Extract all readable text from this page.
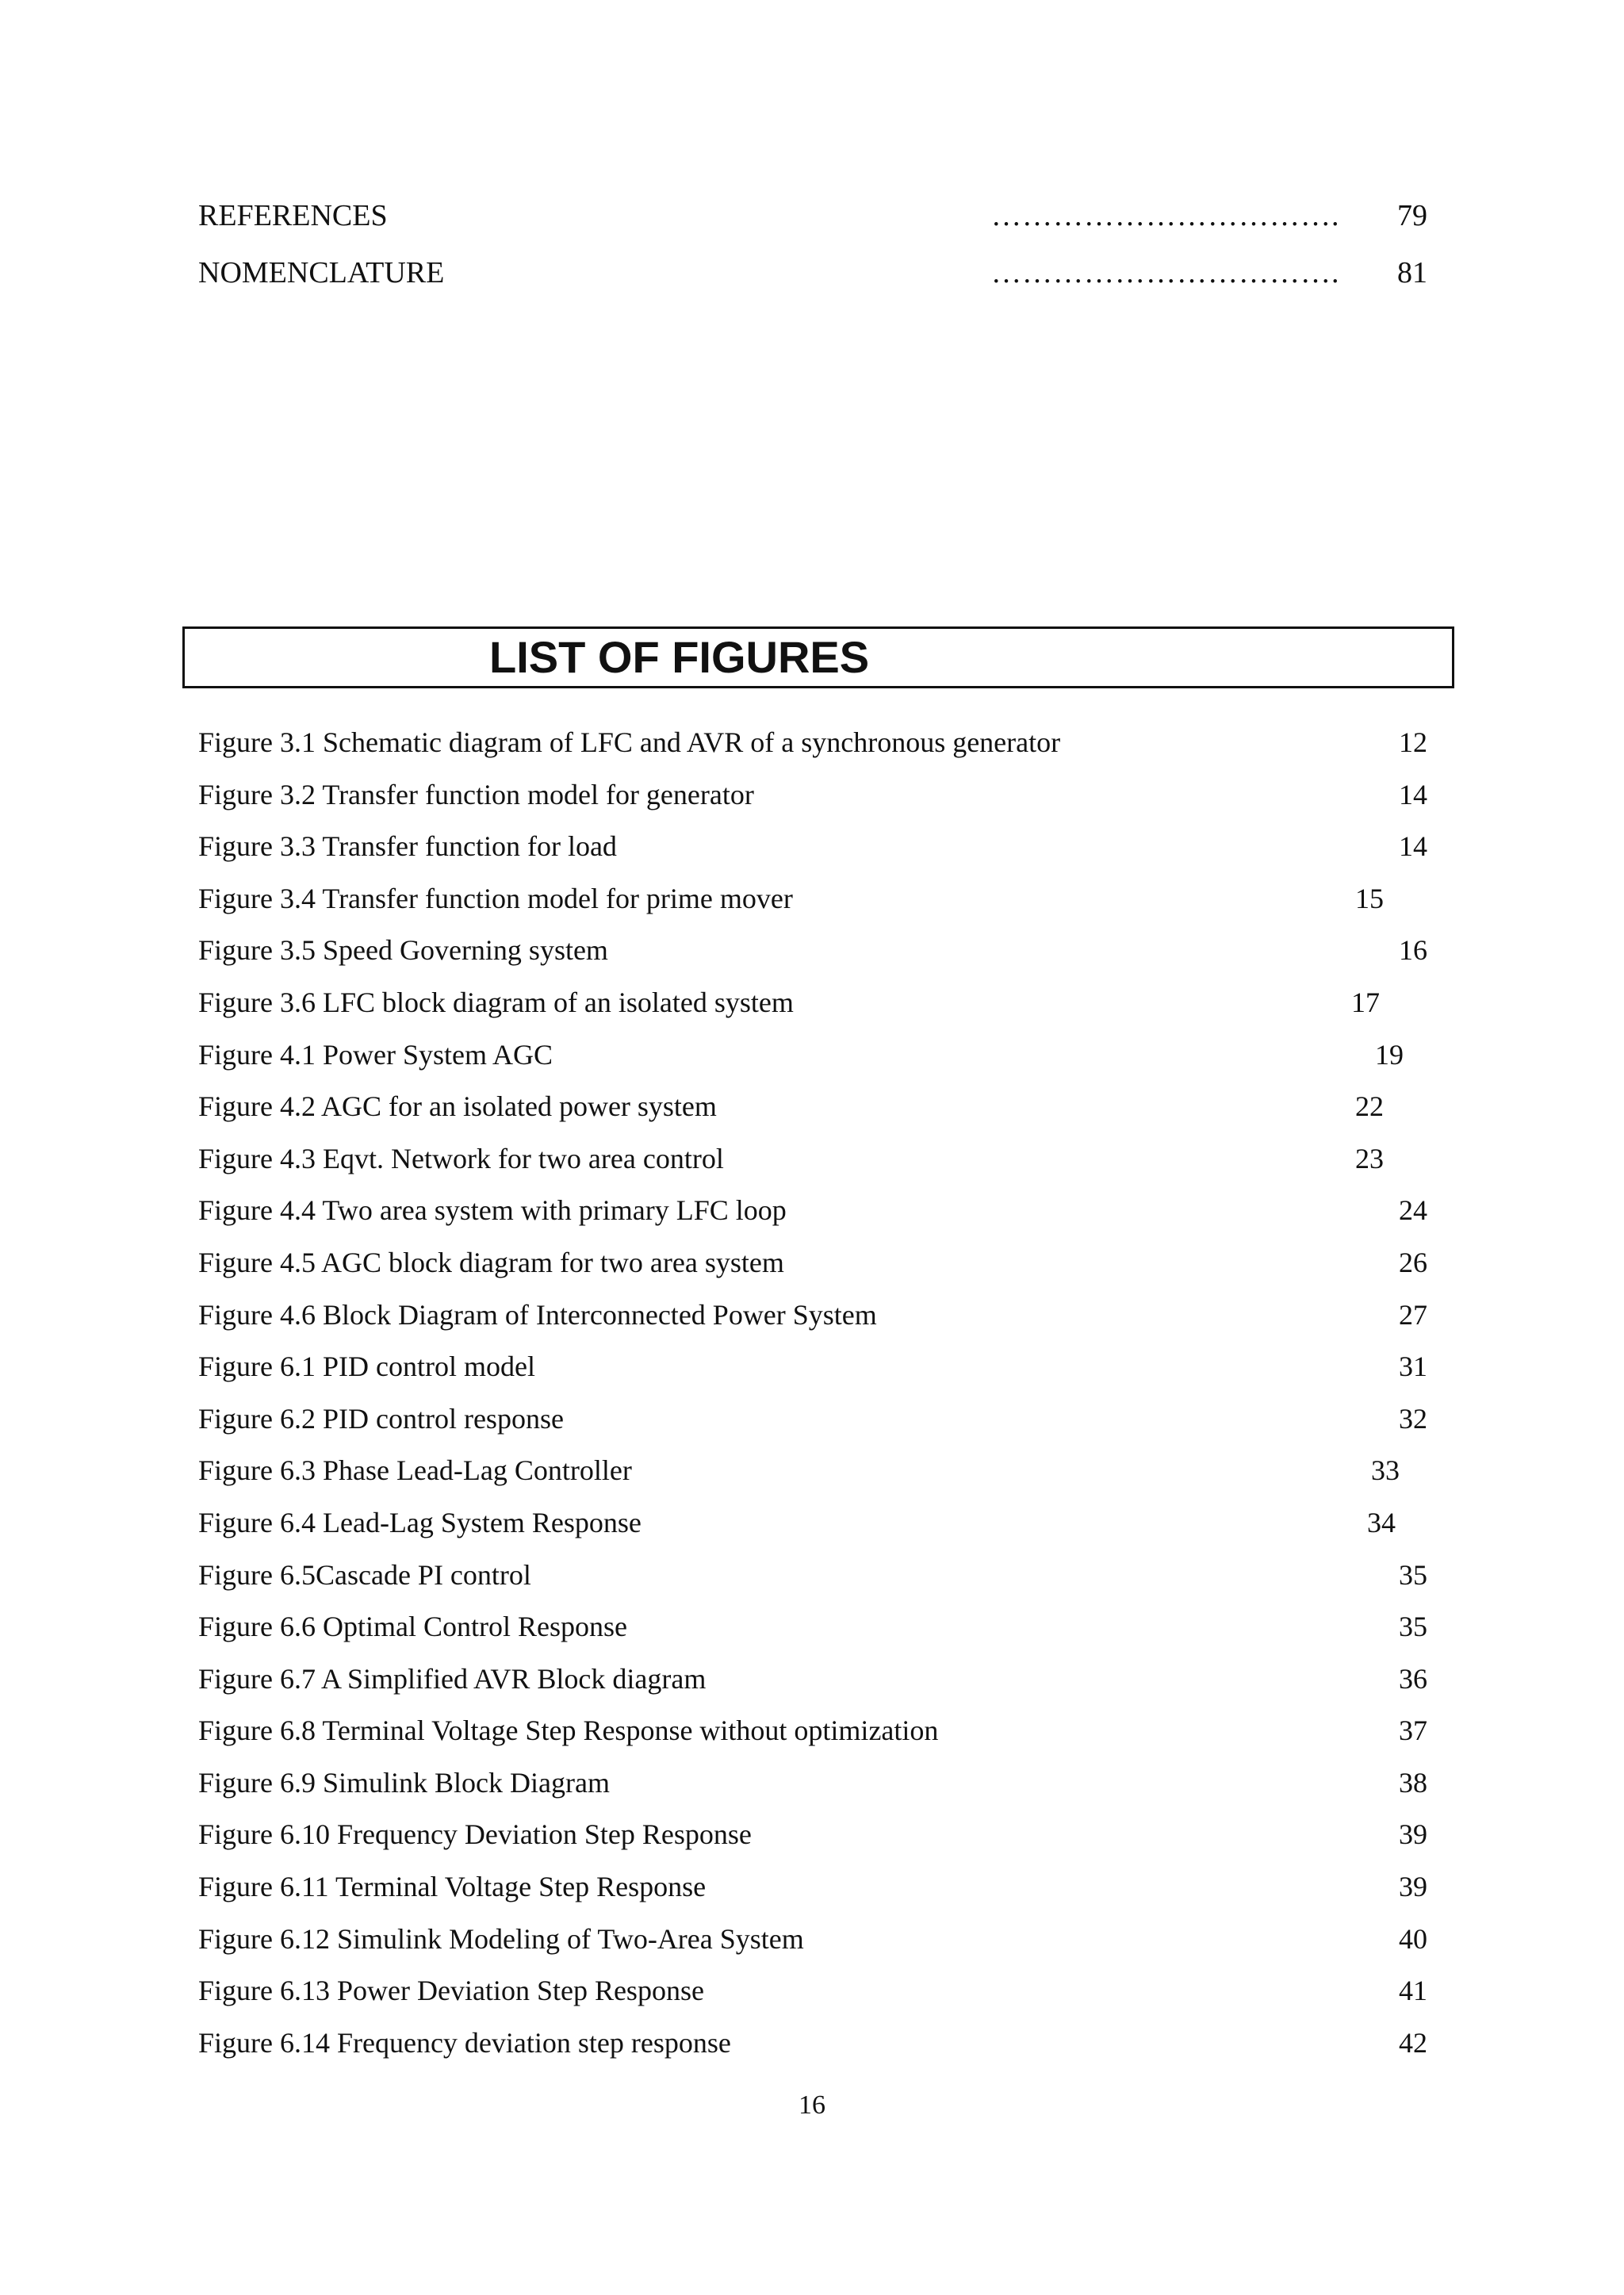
REFERENCES	……………………………. 79
NOMENCLATURE	……………………………. 81
LIST OF FIGURES
Figure 3.1 Schematic diagram of LFC and AVR of a synchronous generator	12
Figure 3.2 Transfer function model for generator	14
Figure 3.3 Transfer function for load	14
Figure 3.4 Transfer function model for prime mover	15
Figure 3.5 Speed Governing system	16
Figure 3.6 LFC block diagram of an isolated system	17
Figure 4.1 Power System AGC	19
Figure 4.2 AGC for an isolated power system	22
Figure 4.3 Eqvt. Network for two area control	23
Figure 4.4 Two area system with primary LFC loop	24
Figure 4.5 AGC block diagram for two area system	26
Figure 4.6 Block Diagram of Interconnected Power System	27
Figure 6.1 PID control model	31
Figure 6.2 PID control response	32
Figure 6.3 Phase Lead-Lag Controller	33
Figure 6.4 Lead-Lag System Response	34
Figure 6.5Cascade PI control	35
Figure 6.6 Optimal Control Response	35
Figure 6.7 A Simplified AVR Block diagram	36
Figure 6.8 Terminal Voltage Step Response without optimization	37
Figure 6.9 Simulink Block Diagram	38
Figure 6.10 Frequency Deviation Step Response	39
Figure 6.11 Terminal Voltage Step Response	39
Figure 6.12 Simulink Modeling of Two-Area System	40
Figure 6.13 Power Deviation Step Response	41
Figure 6.14 Frequency deviation step response	42
16
